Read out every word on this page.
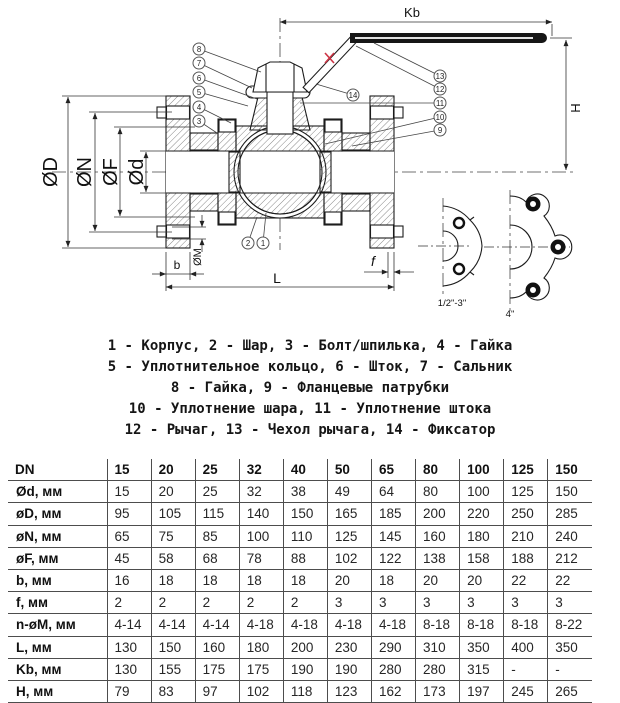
ØD ØN ØF Ød
Kb
H
b ØM	f
L
1/2"-3"
4"
1
2
3
4
5
6
7
8
9
10
11
12
13
14
1 - Корпус, 2 - Шар, 3 - Болт/шпилька, 4 - Гайка
5 - Уплотнительное кольцо, 6 - Шток, 7 - Сальник
8 - Гайка, 9 - Фланцевые патрубки
10 - Уплотнение шара, 11 - Уплотнение штока
12 - Рычаг, 13 - Чехол рычага, 14 - Фиксатор
DN	15	20	25	32	40	50	65	80	100	125	150
Ød, мм	15	20	25	32	38	49	64	80	100	125	150
øD, мм	95	105	115	140	150	165	185	200	220	250	285
øN, мм	65	75	85	100	110	125	145	160	180	210	240
øF, мм	45	58	68	78	88	102	122	138	158	188	212
b, мм	16	18	18	18	18	20	18	20	20	22	22
f, мм	2	2	2	2	2	3	3	3	3	3	3
n-øM, мм	4-14	4-14	4-14	4-18	4-18	4-18	4-18	8-18	8-18	8-18	8-22
L, мм	130	150	160	180	200	230	290	310	350	400	350
Kb, мм	130	155	175	175	190	190	280	280	315	-	-
H, мм	79	83	97	102	118	123	162	173	197	245	265
